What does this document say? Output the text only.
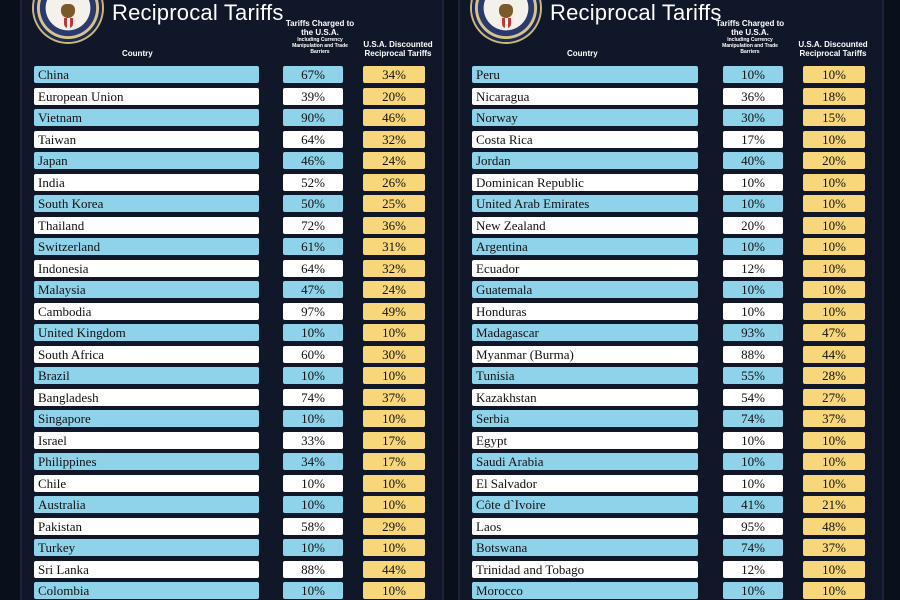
Reciprocal Tariffs
Country
Tariffs Charged to the U.S.A.
Including Currency Manipulation and Trade Barriers
U.S.A. Discounted Reciprocal Tariffs
China	67%	34%
European Union	39%	20%
Vietnam	90%	46%
Taiwan	64%	32%
Japan	46%	24%
India	52%	26%
South Korea	50%	25%
Thailand	72%	36%
Switzerland	61%	31%
Indonesia	64%	32%
Malaysia	47%	24%
Cambodia	97%	49%
United Kingdom	10%	10%
South Africa	60%	30%
Brazil	10%	10%
Bangladesh	74%	37%
Singapore	10%	10%
Israel	33%	17%
Philippines	34%	17%
Chile	10%	10%
Australia	10%	10%
Pakistan	58%	29%
Turkey	10%	10%
Sri Lanka	88%	44%
Colombia	10%	10%
Reciprocal Tariffs
Country
Tariffs Charged to the U.S.A.
Including Currency Manipulation and Trade Barriers
U.S.A. Discounted Reciprocal Tariffs
Peru	10%	10%
Nicaragua	36%	18%
Norway	30%	15%
Costa Rica	17%	10%
Jordan	40%	20%
Dominican Republic	10%	10%
United Arab Emirates	10%	10%
New Zealand	20%	10%
Argentina	10%	10%
Ecuador	12%	10%
Guatemala	10%	10%
Honduras	10%	10%
Madagascar	93%	47%
Myanmar (Burma)	88%	44%
Tunisia	55%	28%
Kazakhstan	54%	27%
Serbia	74%	37%
Egypt	10%	10%
Saudi Arabia	10%	10%
El Salvador	10%	10%
Côte d`Ivoire	41%	21%
Laos	95%	48%
Botswana	74%	37%
Trinidad and Tobago	12%	10%
Morocco	10%	10%
